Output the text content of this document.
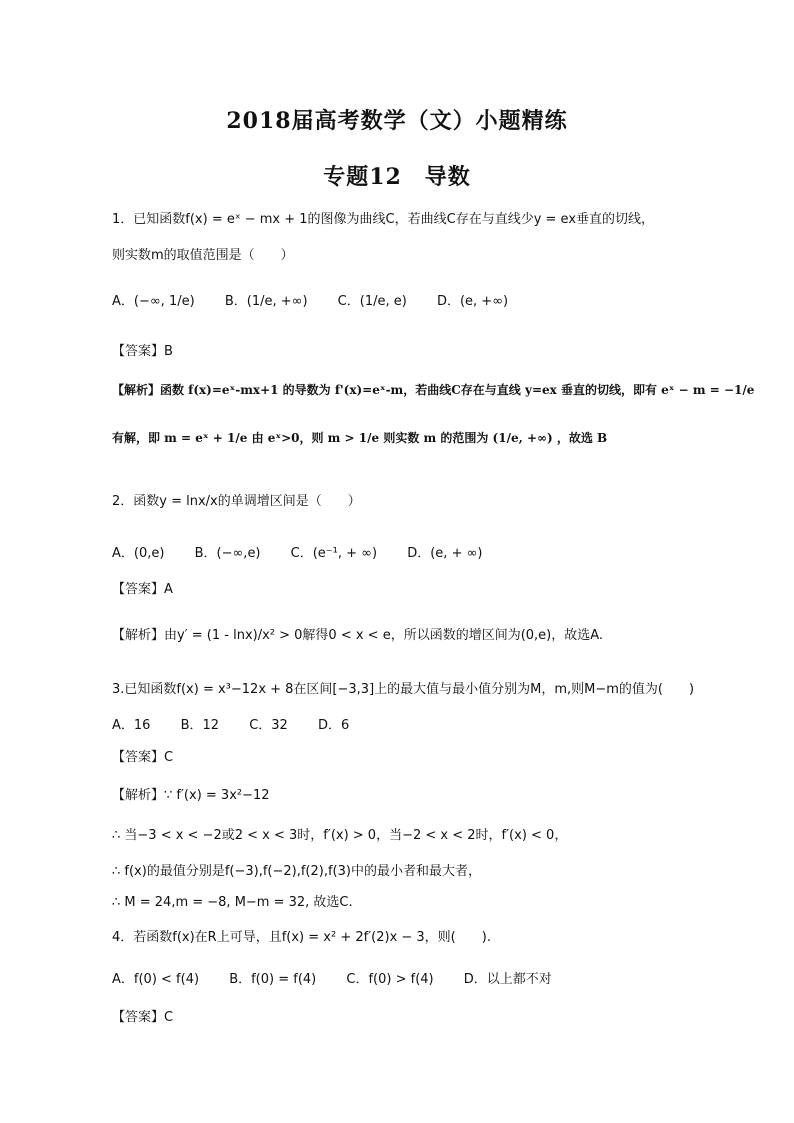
2018届高考数学（文）小题精练
专题12　导数
1．已知函数f(x) = eˣ − mx + 1的图像为曲线C，若曲线C存在与直线少y = ex垂直的切线，
则实数m的取值范围是（　　）
A．(−∞, 1/e) B．(1/e, +∞) C．(1/e, e) D．(e, +∞)
【答案】B
【解析】函数 f(x)=eˣ-mx+1 的导数为 f'(x)=eˣ-m，若曲线C存在与直线 y=ex 垂直的切线，即有 eˣ − m = −1/e
有解，即 m = eˣ + 1/e 由 eˣ>0，则 m > 1/e 则实数 m 的范围为 (1/e, +∞) ，故选 B
2．函数y = lnx/x的单调增区间是（　　）
A．(0,e) B．(−∞,e) C．(e⁻¹, + ∞) D．(e, + ∞)
【答案】A
【解析】由y′ = (1 - lnx)/x² > 0解得0 < x < e，所以函数的增区间为(0,e)，故选A.
3.已知函数f(x) = x³−12x + 8在区间[−3,3]上的最大值与最小值分别为M，m,则M−m的值为(　　)
A．16 B．12 C．32 D．6
【答案】C
【解析】∵ f′(x) = 3x²−12
∴ 当−3 < x < −2或2 < x < 3时，f′(x) > 0，当−2 < x < 2时，f′(x) < 0，
∴ f(x)的最值分别是f(−3),f(−2),f(2),f(3)中的最小者和最大者，
∴ M = 24,m = −8, M−m = 32, 故选C.
4．若函数f(x)在R上可导，且f(x) = x² + 2f′(2)x − 3，则(　　).
A．f(0) < f(4) B．f(0) = f(4) C．f(0) > f(4) D．以上都不对
【答案】C
